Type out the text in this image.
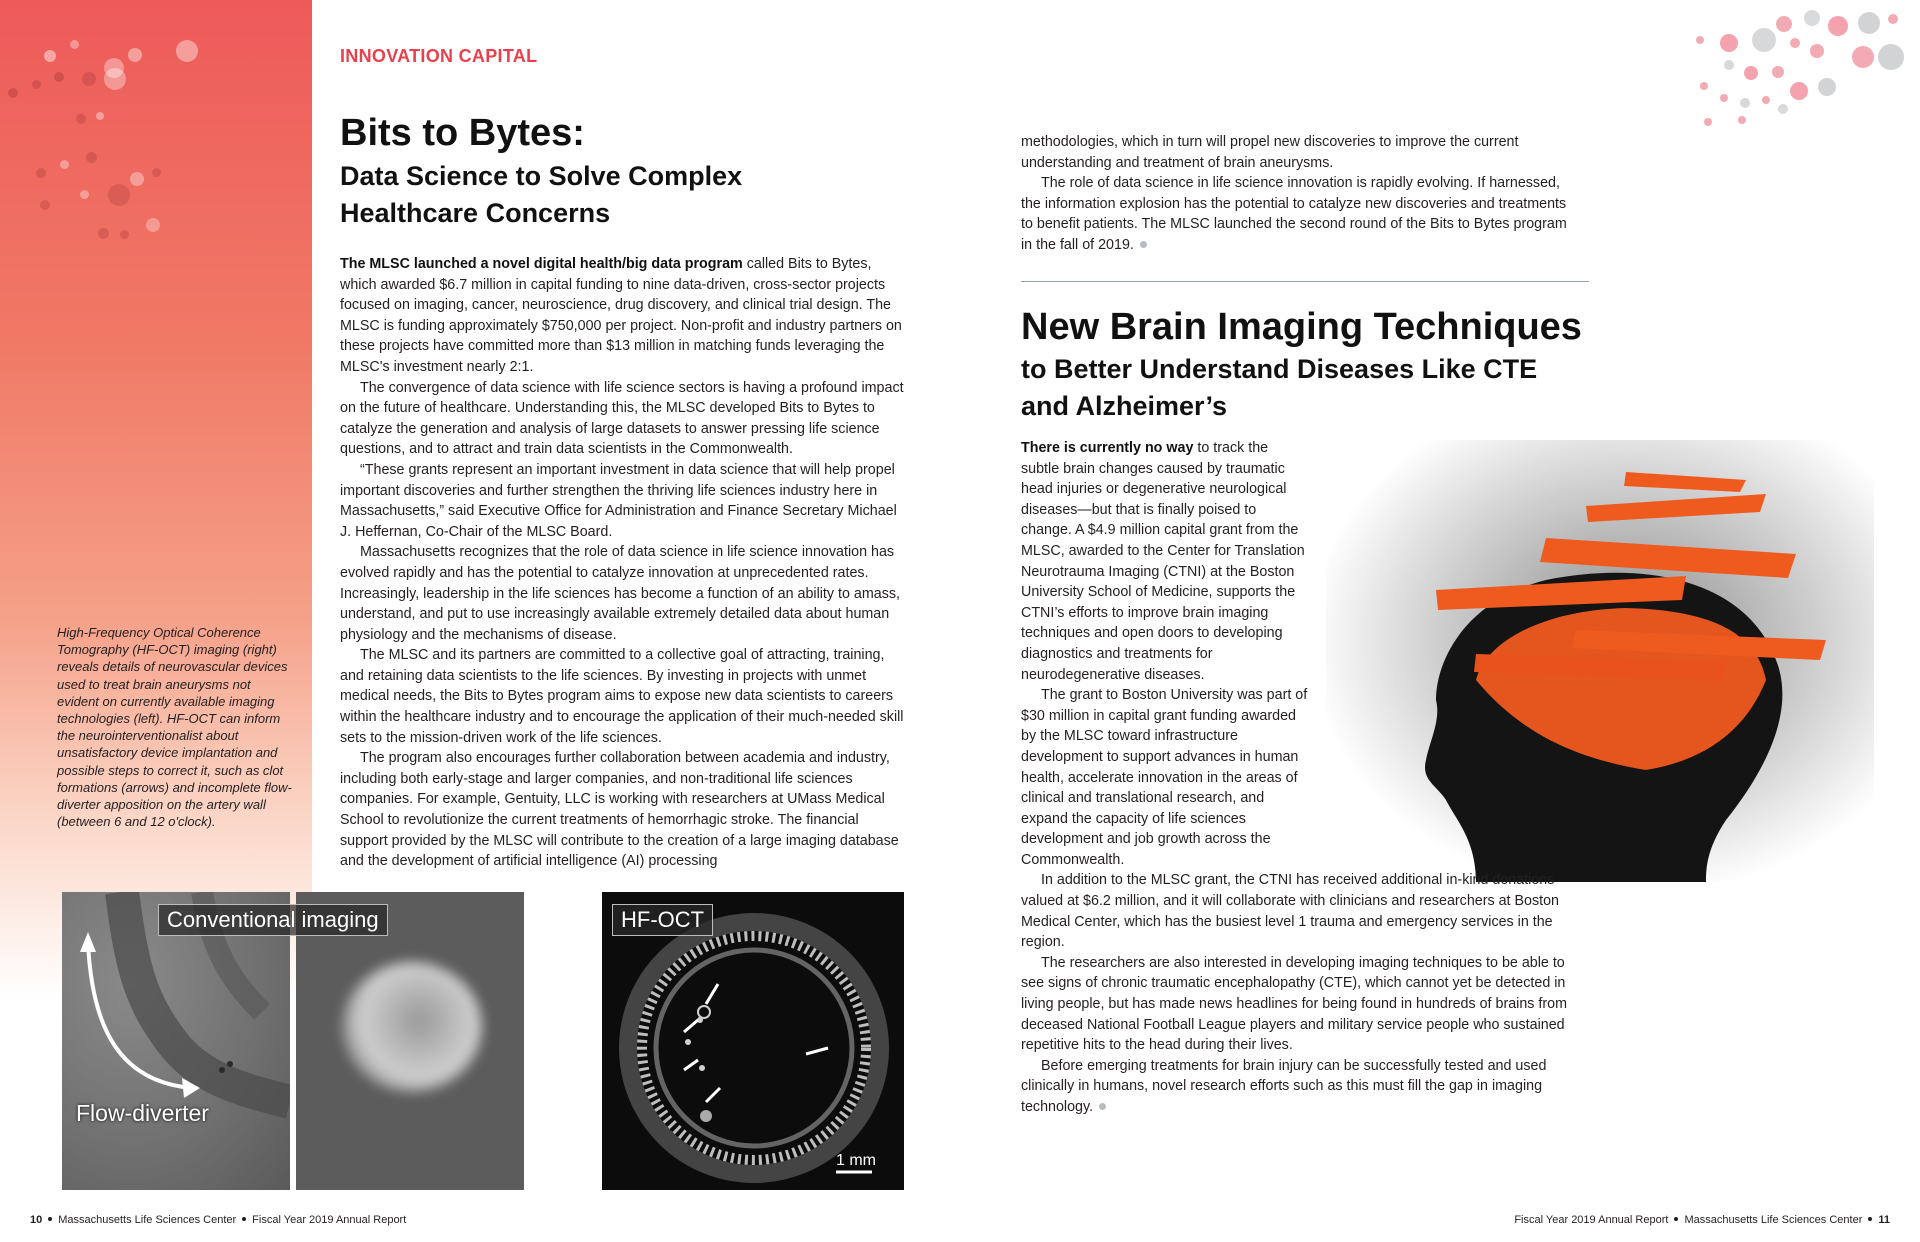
INNOVATION CAPITAL
Bits to Bytes:
Data Science to Solve Complex Healthcare Concerns

The MLSC launched a novel digital health/big data program called Bits to Bytes, which awarded $6.7 million in capital funding to nine data-driven, cross-sector projects focused on imaging, cancer, neuroscience, drug discovery, and clinical trial design. The MLSC is funding approximately $750,000 per project. Non-profit and industry partners on these projects have committed more than $13 million in matching funds leveraging the MLSC's investment nearly 2:1.

The convergence of data science with life science sectors is having a profound impact on the future of healthcare. Understanding this, the MLSC developed Bits to Bytes to catalyze the generation and analysis of large datasets to answer pressing life science questions, and to attract and train data scientists in the Commonwealth.

“These grants represent an important investment in data science that will help propel important discoveries and further strengthen the thriving life sciences industry here in Massachusetts,” said Executive Office for Administration and Finance Secretary Michael J. Heffernan, Co-Chair of the MLSC Board.

Massachusetts recognizes that the role of data science in life science innovation has evolved rapidly and has the potential to catalyze innovation at unprecedented rates. Increasingly, leadership in the life sciences has become a function of an ability to amass, understand, and put to use increasingly available extremely detailed data about human physiology and the mechanisms of disease.

The MLSC and its partners are committed to a collective goal of attracting, training, and retaining data scientists to the life sciences. By investing in projects with unmet medical needs, the Bits to Bytes program aims to expose new data scientists to careers within the healthcare industry and to encourage the application of their much-needed skill sets to the mission-driven work of the life sciences.

The program also encourages further collaboration between academia and industry, including both early-stage and larger companies, and non-traditional life sciences companies. For example, Gentuity, LLC is working with researchers at UMass Medical School to revolutionize the current treatments of hemorrhagic stroke. The financial support provided by the MLSC will contribute to the creation of a large imaging database and the development of artificial intelligence (AI) processing

High-Frequency Optical Coherence Tomography (HF-OCT) imaging (right) reveals details of neurovascular devices used to treat brain aneurysms not evident on currently available imaging technologies (left). HF-OCT can inform the neurointerventionalist about unsatisfactory device implantation and possible steps to correct it, such as clot formations (arrows) and incomplete flow-diverter apposition on the artery wall (between 6 and 12 o'clock).

Flow-diverter
Conventional imaging
1 mm
HF-OCT
10 Massachusetts Life Sciences Center Fiscal Year 2019 Annual Report

methodologies, which in turn will propel new discoveries to improve the current understanding and treatment of brain aneurysms.

The role of data science in life science innovation is rapidly evolving. If harnessed, the information explosion has the potential to catalyze new discoveries and treatments to benefit patients. The MLSC launched the second round of the Bits to Bytes program in the fall of 2019.

New Brain Imaging Techniques
to Better Understand Diseases Like CTE and Alzheimer’s

There is currently no way to track the subtle brain changes caused by traumatic head injuries or degenerative neurological diseases—but that is finally poised to change. A $4.9 million capital grant from the MLSC, awarded to the Center for Translation Neurotrauma Imaging (CTNI) at the Boston University School of Medicine, supports the CTNI’s efforts to improve brain imaging techniques and open doors to developing diagnostics and treatments for neurodegenerative diseases.

The grant to Boston University was part of $30 million in capital grant funding awarded by the MLSC toward infrastructure development to support advances in human health, accelerate innovation in the areas of clinical and translational research, and expand the capacity of life sciences development and job growth across the Commonwealth.

In addition to the MLSC grant, the CTNI has received additional in-kind donations valued at $6.2 million, and it will collaborate with clinicians and researchers at Boston Medical Center, which has the busiest level 1 trauma and emergency services in the region.

The researchers are also interested in developing imaging techniques to be able to see signs of chronic traumatic encephalopathy (CTE), which cannot yet be detected in living people, but has made news headlines for being found in hundreds of brains from deceased National Football League players and military service people who sustained repetitive hits to the head during their lives.

Before emerging treatments for brain injury can be successfully tested and used clinically in humans, novel research efforts such as this must fill the gap in imaging technology.

Fiscal Year 2019 Annual Report Massachusetts Life Sciences Center 11
